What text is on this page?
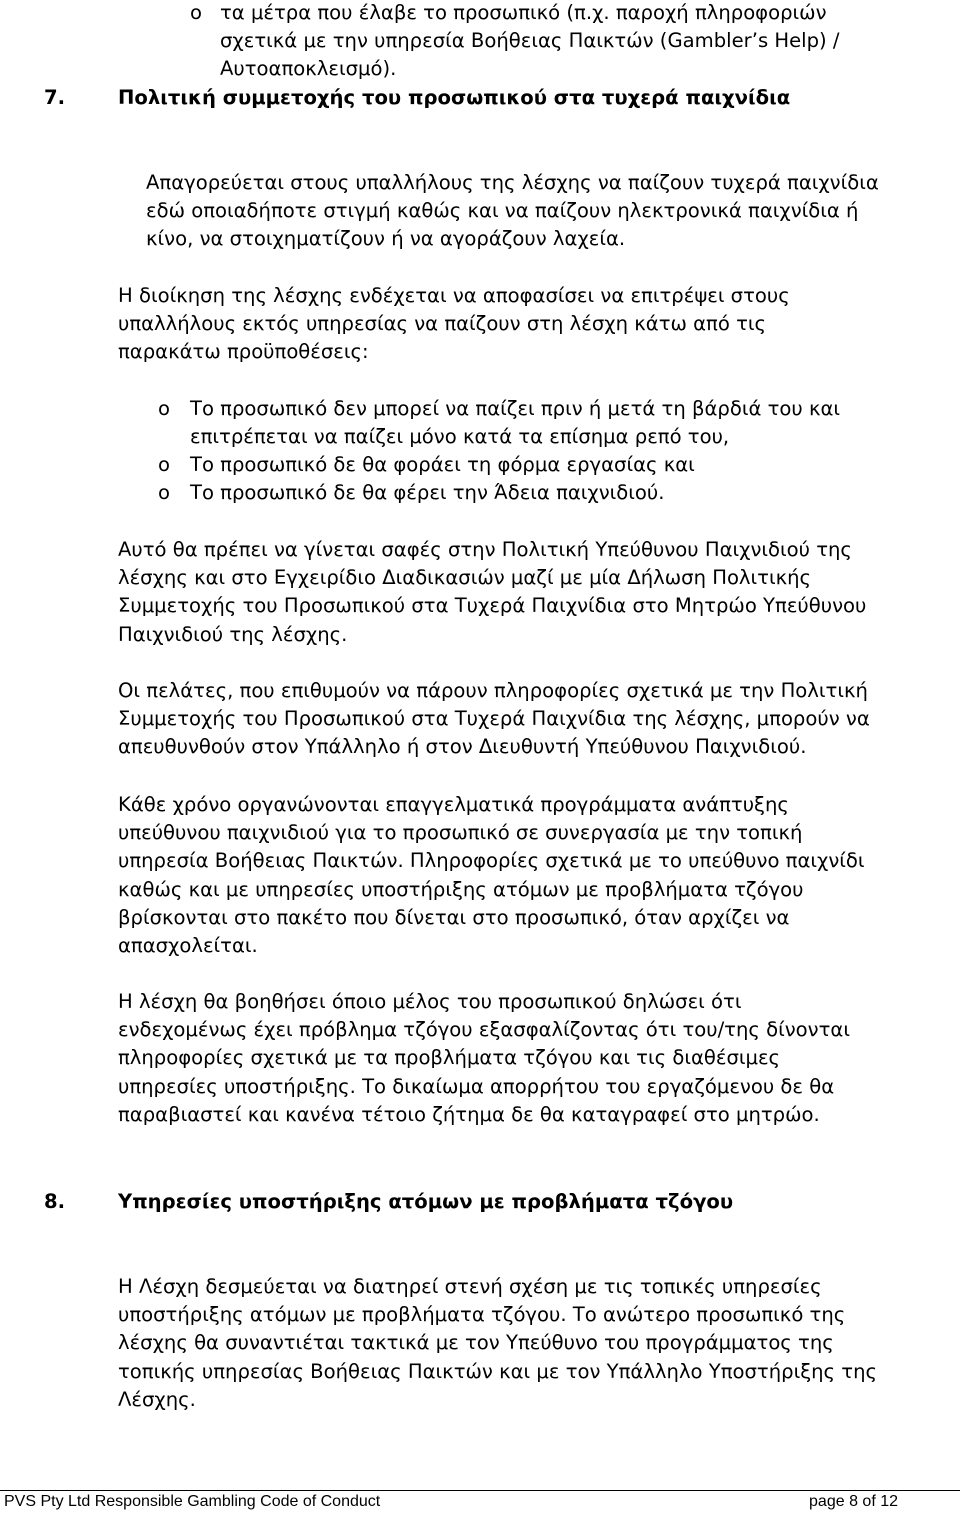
o τα μέτρα που έλαβε το προσωπικό (π.χ. παροχή πληροφοριών
σχετικά με την υπηρεσία Βοήθειας Παικτών (Gambler’s Help) /
Αυτοαποκλεισμό).
7.	Πολιτική συμμετοχής του προσωπικού στα τυχερά παιχνίδια
Απαγορεύεται στους υπαλλήλους της λέσχης να παίζουν τυχερά παιχνίδια
εδώ οποιαδήποτε στιγμή καθώς και να παίζουν ηλεκτρονικά παιχνίδια ή
κίνο, να στοιχηματίζουν ή να αγοράζουν λαχεία.
Η διοίκηση της λέσχης ενδέχεται να αποφασίσει να επιτρέψει στους
υπαλλήλους εκτός υπηρεσίας να παίζουν στη λέσχη κάτω από τις
παρακάτω προϋποθέσεις:
o Το προσωπικό δεν μπορεί να παίζει πριν ή μετά τη βάρδιά του και
επιτρέπεται να παίζει μόνο κατά τα επίσημα ρεπό του,
o Το προσωπικό δε θα φοράει τη φόρμα εργασίας και
o Το προσωπικό δε θα φέρει την Άδεια παιχνιδιού.
Αυτό θα πρέπει να γίνεται σαφές στην Πολιτική Υπεύθυνου Παιχνιδιού της
λέσχης και στο Εγχειρίδιο Διαδικασιών μαζί με μία Δήλωση Πολιτικής
Συμμετοχής του Προσωπικού στα Τυχερά Παιχνίδια στο Μητρώο Υπεύθυνου
Παιχνιδιού της λέσχης.
Οι πελάτες, που επιθυμούν να πάρουν πληροφορίες σχετικά με την Πολιτική
Συμμετοχής του Προσωπικού στα Τυχερά Παιχνίδια της λέσχης, μπορούν να
απευθυνθούν στον Υπάλληλο ή στον Διευθυντή Υπεύθυνου Παιχνιδιού.
Κάθε χρόνο οργανώνονται επαγγελματικά προγράμματα ανάπτυξης
υπεύθυνου παιχνιδιού για το προσωπικό σε συνεργασία με την τοπική
υπηρεσία Βοήθειας Παικτών. Πληροφορίες σχετικά με το υπεύθυνο παιχνίδι
καθώς και με υπηρεσίες υποστήριξης ατόμων με προβλήματα τζόγου
βρίσκονται στο πακέτο που δίνεται στο προσωπικό, όταν αρχίζει να
απασχολείται.
Η λέσχη θα βοηθήσει όποιο μέλος του προσωπικού δηλώσει ότι
ενδεχομένως έχει πρόβλημα τζόγου εξασφαλίζοντας ότι του/της δίνονται
πληροφορίες σχετικά με τα προβλήματα τζόγου και τις διαθέσιμες
υπηρεσίες υποστήριξης. Το δικαίωμα απορρήτου του εργαζόμενου δε θα
παραβιαστεί και κανένα τέτοιο ζήτημα δε θα καταγραφεί στο μητρώο.
8.	Υπηρεσίες υποστήριξης ατόμων με προβλήματα τζόγου
Η Λέσχη δεσμεύεται να διατηρεί στενή σχέση με τις τοπικές υπηρεσίες
υποστήριξης ατόμων με προβλήματα τζόγου. Το ανώτερο προσωπικό της
λέσχης θα συναντιέται τακτικά με τον Υπεύθυνο του προγράμματος της
τοπικής υπηρεσίας Βοήθειας Παικτών και με τον Υπάλληλο Υποστήριξης της
Λέσχης.
PVS Pty Ltd Responsible Gambling Code of Conduct	page 8 of 12
